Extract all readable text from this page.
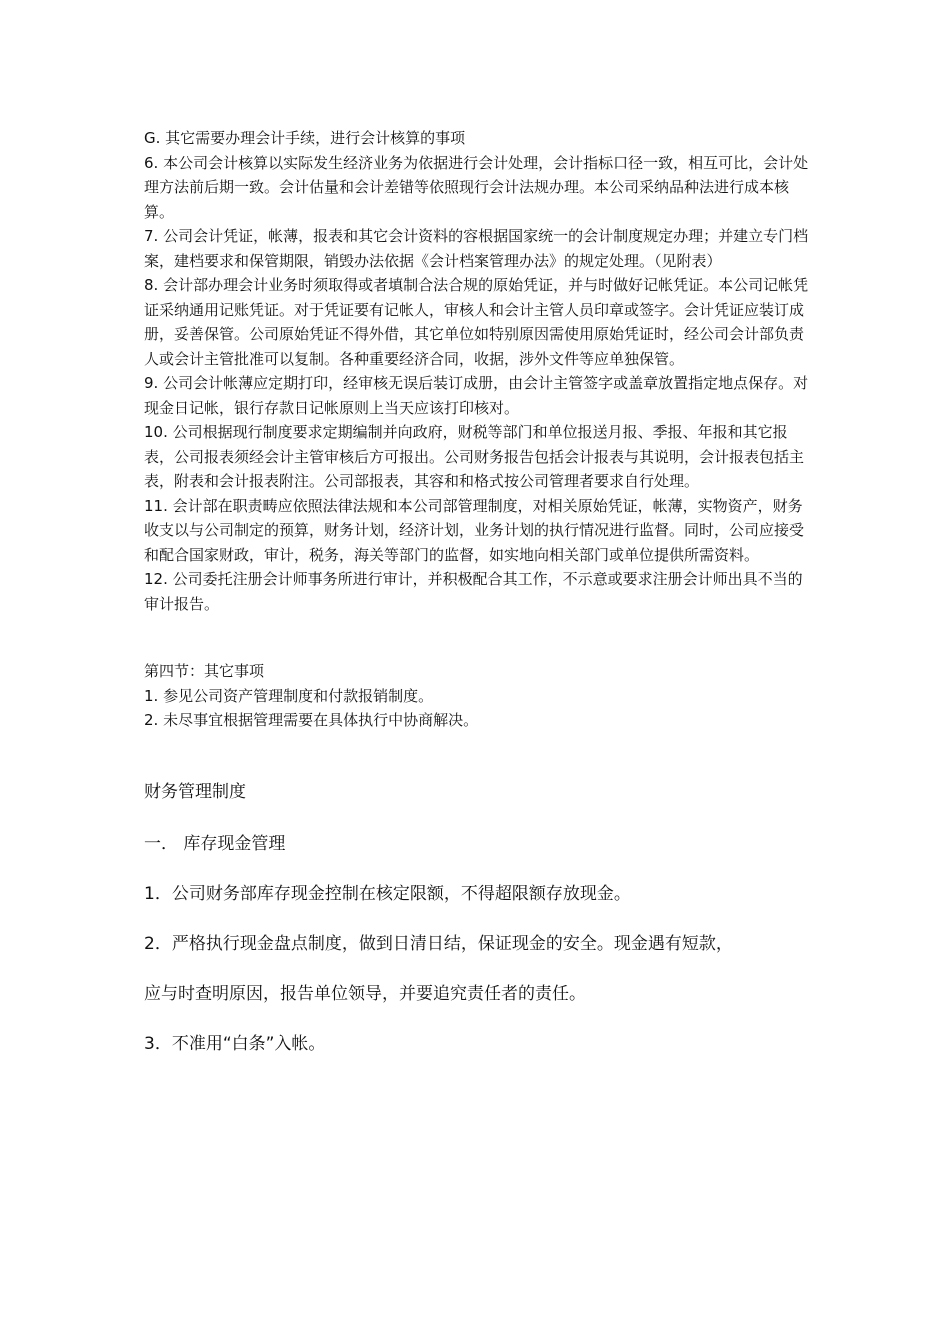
G. 其它需要办理会计手续，进行会计核算的事项

6. 本公司会计核算以实际发生经济业务为依据进行会计处理，会计指标口径一致，相互可比，会计处理方法前后期一致。会计估量和会计差错等依照现行会计法规办理。本公司采纳品种法进行成本核算。

7. 公司会计凭证，帐薄，报表和其它会计资料的容根据国家统一的会计制度规定办理；并建立专门档案，建档要求和保管期限，销毁办法依据《会计档案管理办法》的规定处理。（见附表）

8. 会计部办理会计业务时须取得或者填制合法合规的原始凭证，并与时做好记帐凭证。本公司记帐凭证采纳通用记账凭证。对于凭证要有记帐人，审核人和会计主管人员印章或签字。会计凭证应装订成册，妥善保管。公司原始凭证不得外借，其它单位如特别原因需使用原始凭证时，经公司会计部负责人或会计主管批准可以复制。各种重要经济合同，收据，涉外文件等应单独保管。

9. 公司会计帐薄应定期打印，经审核无误后装订成册，由会计主管签字或盖章放置指定地点保存。对现金日记帐，银行存款日记帐原则上当天应该打印核对。

10. 公司根据现行制度要求定期编制并向政府，财税等部门和单位报送月报、季报、年报和其它报表，公司报表须经会计主管审核后方可报出。公司财务报告包括会计报表与其说明，会计报表包括主表，附表和会计报表附注。公司部报表，其容和和格式按公司管理者要求自行处理。

11. 会计部在职责畴应依照法律法规和本公司部管理制度，对相关原始凭证，帐薄，实物资产，财务收支以与公司制定的预算，财务计划，经济计划，业务计划的执行情况进行监督。同时，公司应接受和配合国家财政，审计，税务，海关等部门的监督，如实地向相关部门或单位提供所需资料。

12. 公司委托注册会计师事务所进行审计，并积极配合其工作，不示意或要求注册会计师出具不当的审计报告。

第四节：其它事项

1. 参见公司资产管理制度和付款报销制度。

2. 未尽事宜根据管理需要在具体执行中协商解决。

财务管理制度

一． 库存现金管理

1．公司财务部库存现金控制在核定限额，不得超限额存放现金。

2．严格执行现金盘点制度，做到日清日结，保证现金的安全。现金遇有短款，

应与时查明原因，报告单位领导，并要追究责任者的责任。

3．不准用“白条”入帐。
